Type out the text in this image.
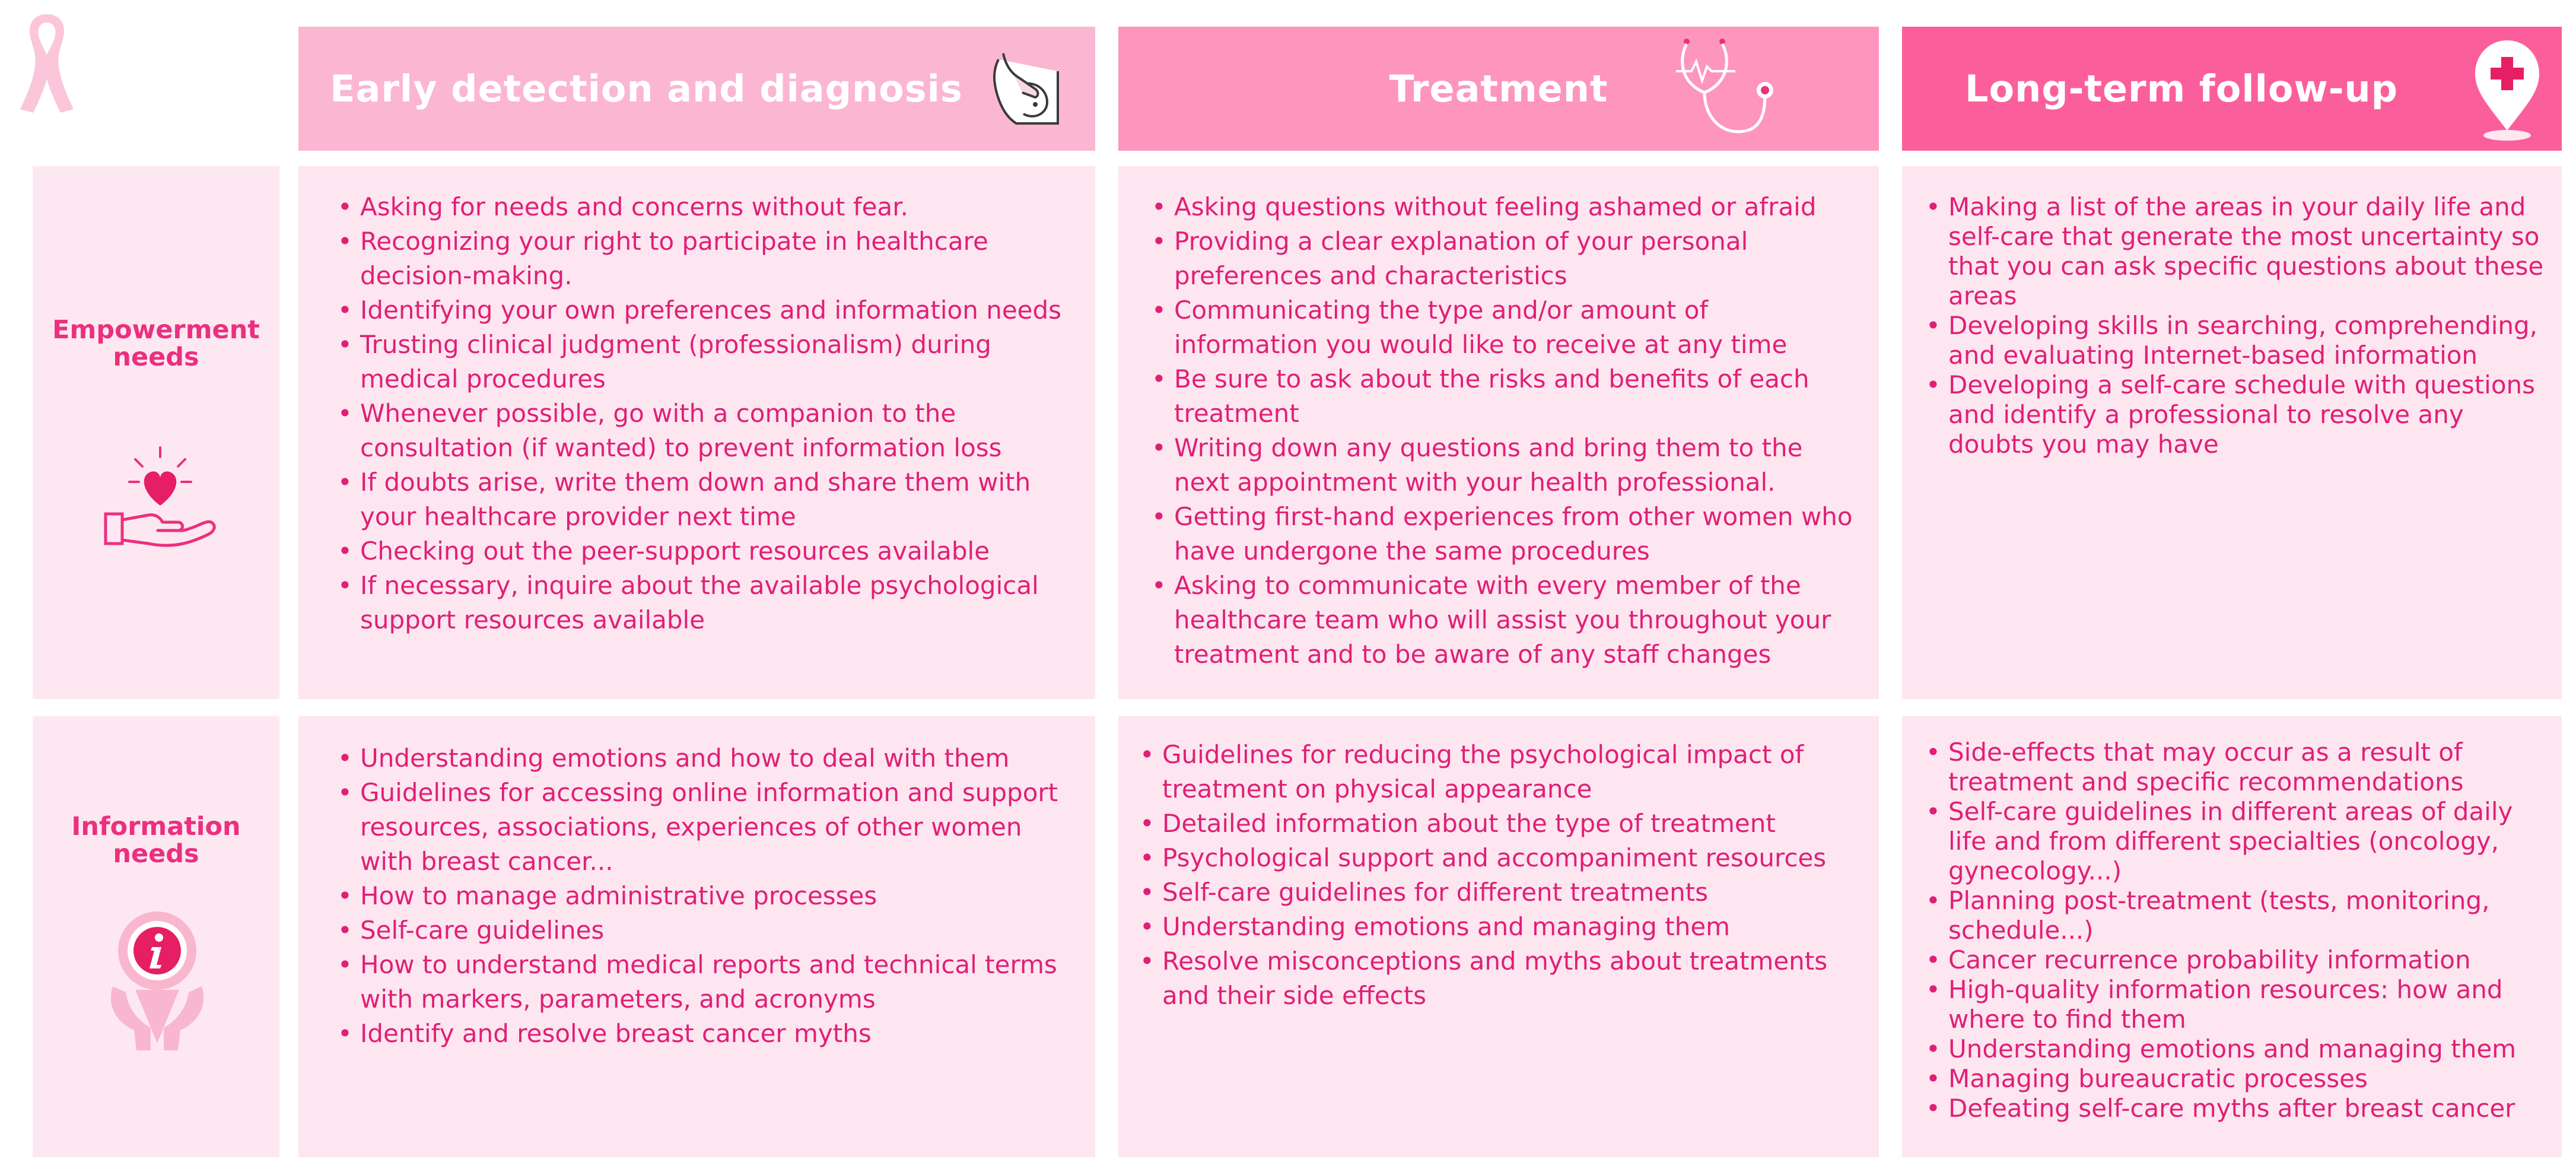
Early detection and diagnosis	Treatment	Long-term follow-up
Empowerment
needs
Information
needs
• Asking for needs and concerns without fear.
• Recognizing your right to participate in healthcare decision-making.
• Identifying your own preferences and information needs
• Trusting clinical judgment (professionalism) during medical procedures
• Whenever possible, go with a companion to the consultation (if wanted) to prevent information loss
• If doubts arise, write them down and share them with your healthcare provider next time
• Checking out the peer-support resources available
• If necessary, inquire about the available psychological support resources available
• Asking questions without feeling ashamed or afraid
• Providing a clear explanation of your personal preferences and characteristics
• Communicating the type and/or amount of information you would like to receive at any time
• Be sure to ask about the risks and benefits of each treatment
• Writing down any questions and bring them to the next appointment with your health professional.
• Getting first-hand experiences from other women who have undergone the same procedures
• Asking to communicate with every member of the healthcare team who will assist you throughout your treatment and to be aware of any staff changes
• Making a list of the areas in your daily life and self-care that generate the most uncertainty so that you can ask specific questions about these areas
• Developing skills in searching, comprehending, and evaluating Internet-based information
• Developing a self-care schedule with questions and identify a professional to resolve any doubts you may have
• Understanding emotions and how to deal with them
• Guidelines for accessing online information and support resources, associations, experiences of other women with breast cancer...
• How to manage administrative processes
• Self-care guidelines
• How to understand medical reports and technical terms with markers, parameters, and acronyms
• Identify and resolve breast cancer myths
• Guidelines for reducing the psychological impact of treatment on physical appearance
• Detailed information about the type of treatment
• Psychological support and accompaniment resources
• Self-care guidelines for different treatments
• Understanding emotions and managing them
• Resolve misconceptions and myths about treatments and their side effects
• Side-effects that may occur as a result of treatment and specific recommendations
• Self-care guidelines in different areas of daily life and from different specialties (oncology, gynecology...)
• Planning post-treatment (tests, monitoring, schedule...)
• Cancer recurrence probability information
• High-quality information resources: how and where to find them
• Understanding emotions and managing them
• Managing bureaucratic processes
• Defeating self-care myths after breast cancer
